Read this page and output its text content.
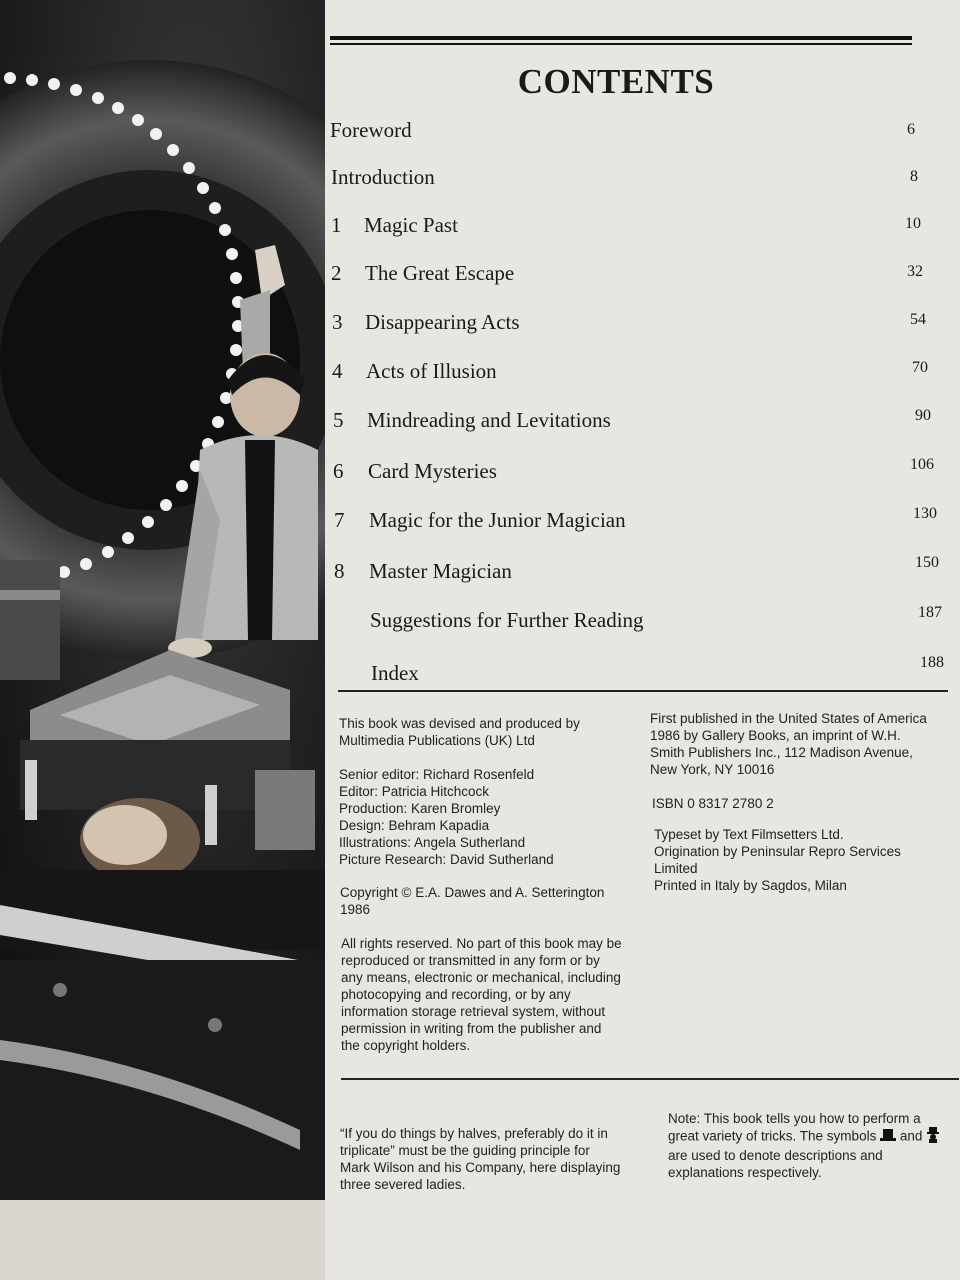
CONTENTS
Foreword	6
Introduction	8
1 Magic Past	10
2 The Great Escape	32
3 Disappearing Acts	54
4 Acts of Illusion	70
5 Mindreading and Levitations	90
6 Card Mysteries	106
7 Magic for the Junior Magician	130
8 Master Magician	150
Suggestions for Further Reading	187
Index	188
This book was devised and produced by
Multimedia Publications (UK) Ltd
Senior editor: Richard Rosenfeld
Editor: Patricia Hitchcock
Production: Karen Bromley
Design: Behram Kapadia
Illustrations: Angela Sutherland
Picture Research: David Sutherland
Copyright © E.A. Dawes and A. Setterington
1986
All rights reserved. No part of this book may be
reproduced or transmitted in any form or by
any means, electronic or mechanical, including
photocopying and recording, or by any
information storage retrieval system, without
permission in writing from the publisher and
the copyright holders.
First published in the United States of America
1986 by Gallery Books, an imprint of W.H.
Smith Publishers Inc., 112 Madison Avenue,
New York, NY 10016
ISBN 0 8317 2780 2
Typeset by Text Filmsetters Ltd.
Origination by Peninsular Repro Services
Limited
Printed in Italy by Sagdos, Milan
“If you do things by halves, preferably do it in
triplicate” must be the guiding principle for
Mark Wilson and his Company, here displaying
three severed ladies.
Note: This book tells you how to perform a
great variety of tricks. The symbols and  are used to denote descriptions and
explanations respectively.
